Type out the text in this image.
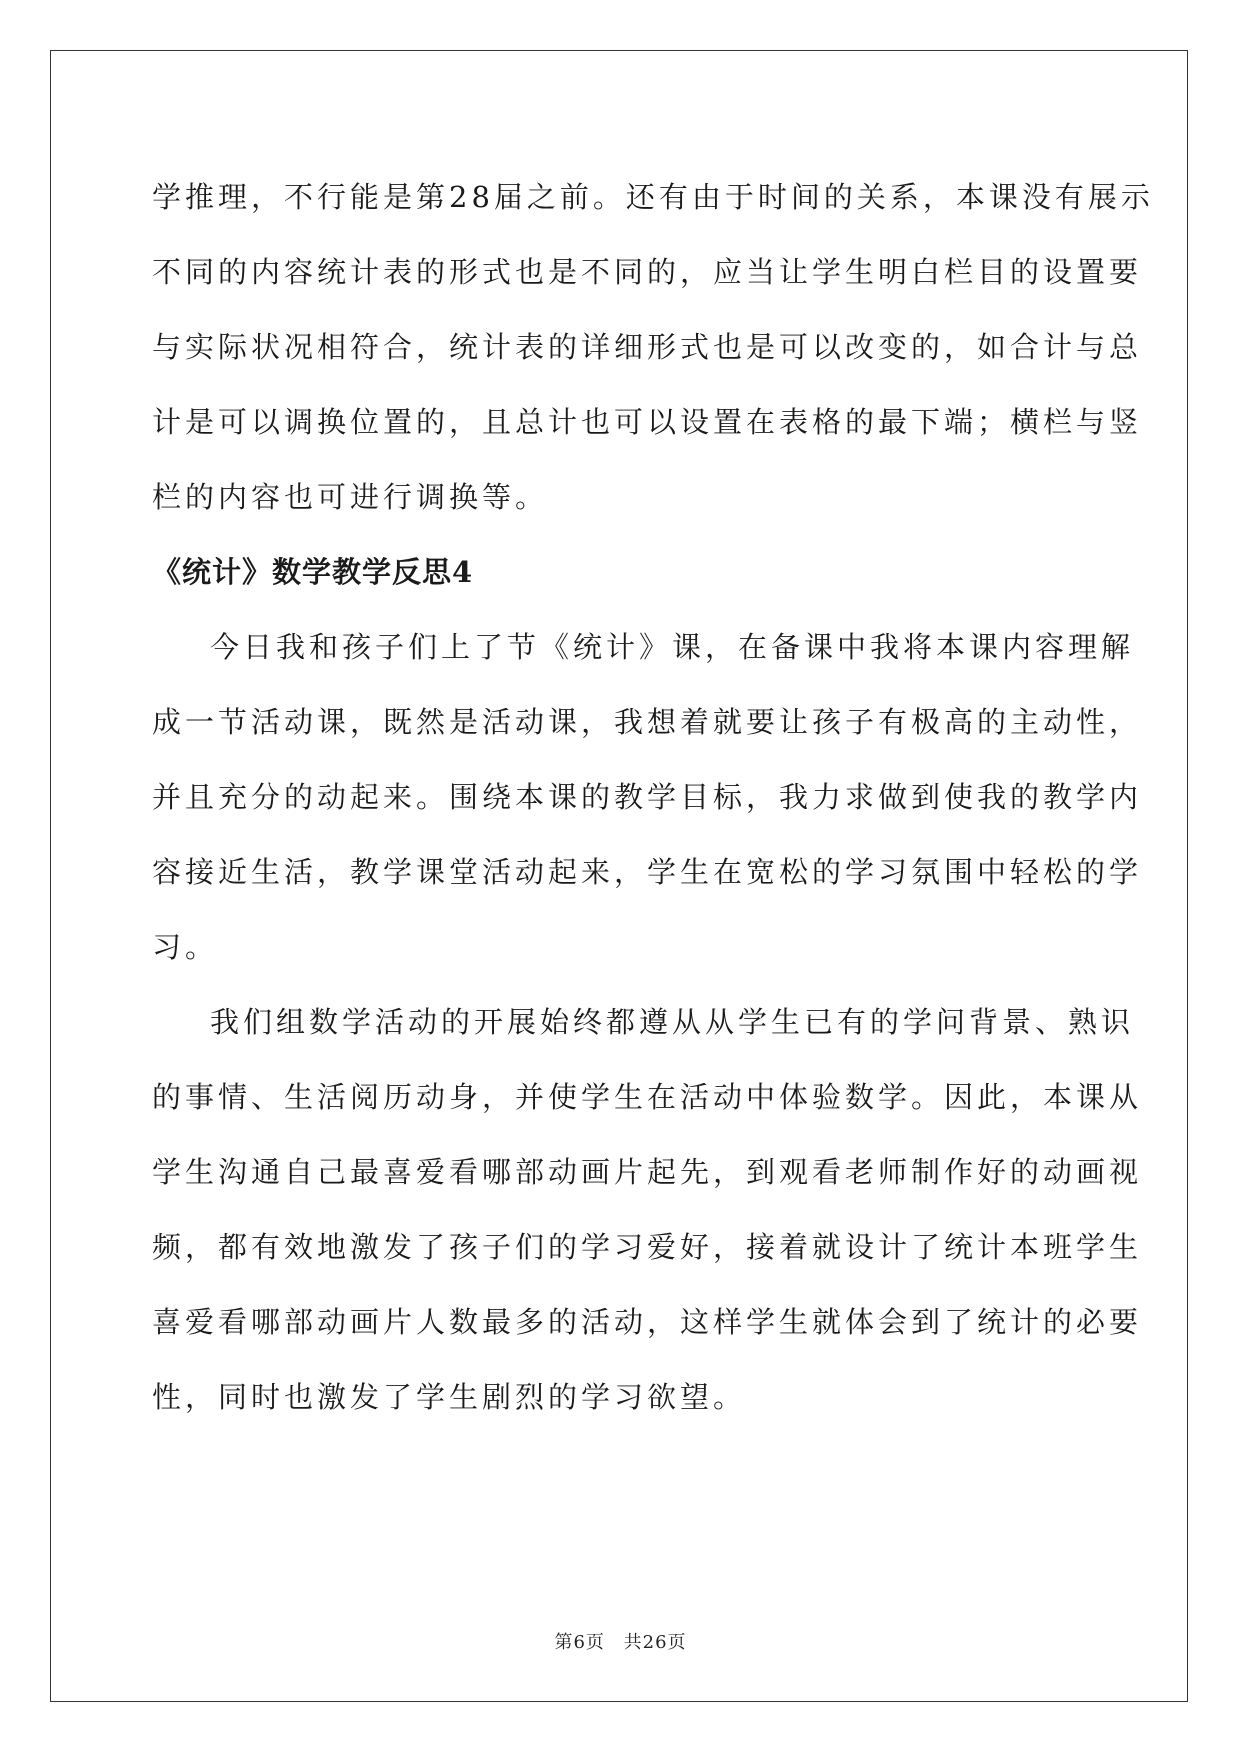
学推理，不行能是第28届之前。还有由于时间的关系，本课没有展示
不同的内容统计表的形式也是不同的，应当让学生明白栏目的设置要
与实际状况相符合，统计表的详细形式也是可以改变的，如合计与总
计是可以调换位置的，且总计也可以设置在表格的最下端；横栏与竖
栏的内容也可进行调换等。

《统计》数学教学反思4

今日我和孩子们上了节《统计》课，在备课中我将本课内容理解
成一节活动课，既然是活动课，我想着就要让孩子有极高的主动性，
并且充分的动起来。围绕本课的教学目标，我力求做到使我的教学内
容接近生活，教学课堂活动起来，学生在宽松的学习氛围中轻松的学
习。

我们组数学活动的开展始终都遵从从学生已有的学问背景、熟识
的事情、生活阅历动身，并使学生在活动中体验数学。因此，本课从
学生沟通自己最喜爱看哪部动画片起先，到观看老师制作好的动画视
频，都有效地激发了孩子们的学习爱好，接着就设计了统计本班学生
喜爱看哪部动画片人数最多的活动，这样学生就体会到了统计的必要
性，同时也激发了学生剧烈的学习欲望。

第6页 共26页
